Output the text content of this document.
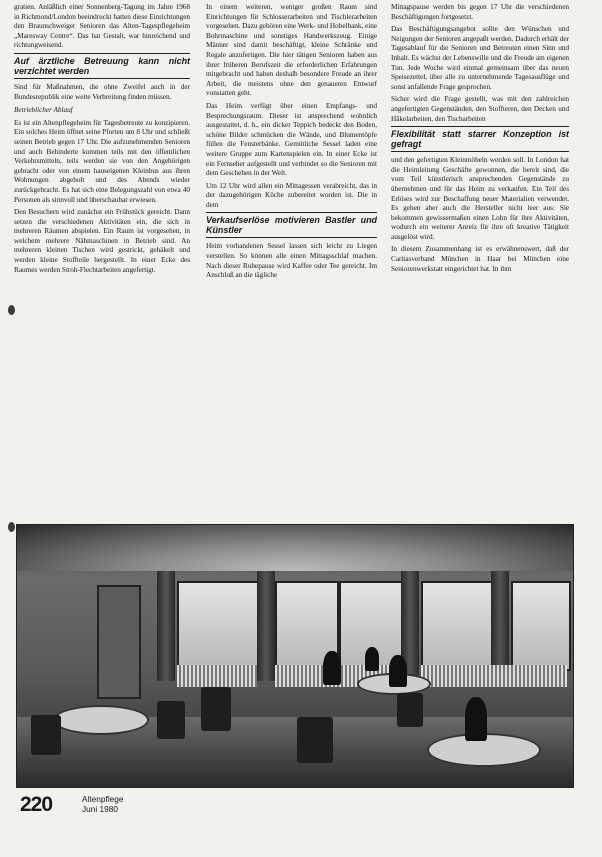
gratien. Anläßlich einer Sonnenberg-Tagung im Jahre 1968 in Richmond/London beeindruckt hatten diese Einrichtungen den Braunschweiger Senioren das Alten-Tagespflegeheim „Maresway Centre“. Das hat Gestalt, war hinreichend und richtungweisend.

Auf ärztliche Betreuung kann nicht verzichtet werden

Sind für Maßnahmen, die ohne Zweifel auch in der Bundesrepublik eine weite Verbreitung finden müssen.

Betrieblicher Ablauf

Es ist ein Altenpflegeheim für Tagesbetreute zu konzipieren. Ein solches Heim öffnet seine Pforten um 8 Uhr und schließt seinen Betrieb gegen 17 Uhr. Die aufzunehmenden Senioren und auch Behinderte kommen teils mit den öffentlichen Verkehrsmitteln, teils werden sie von den Angehörigen gebracht oder von einem hauseigenen Kleinbus aus ihren Wohnungen abgeholt und des Abends wieder zurückgebracht. Es hat sich eine Belegungszahl von etwa 40 Personen als sinnvoll und überschaubar erwiesen.

Den Besuchern wird zunächst ein Frühstück gereicht. Dann setzen die verschiedenen Aktivitäten ein, die sich in mehreren Räumen abspielen. Ein Raum ist vorgesehen, in welchem mehrere Nähmaschinen in Betrieb sind. An mehreren kleinen Tischen wird gestrickt, gehäkelt und werden kleine Stoffteile hergestellt. In einer Ecke des Raumes werden Stroh-Flechtarbeiten angefertigt.

In einem weiteren, weniger großen Raum sind Einrichtungen für Schlosserarbeiten und Tischlerarbeiten vorgesehen. Dazu gehören eine Werk- und Hobelbank, eine Bohrmaschine und sonstiges Handwerkszeug. Einige Männer sind damit beschäftigt, kleine Schränke und Regale anzufertigen. Die hier tätigen Senioren haben aus ihrer früheren Berufszeit die erforderlichen Erfahrungen mitgebracht und haben deshalb besondere Freude an ihrer Arbeit, die meistens ohne den genaueren Entwurf vonstatten geht.

Das Heim verfügt über einen Empfangs- und Besprechungsraum. Dieser ist ansprechend wohnlich ausgestattet, d. h., ein dicker Teppich bedeckt den Boden, schöne Bilder schmücken die Wände, und Blumentöpfe füllen die Fensterbänke. Gemütliche Sessel laden eine weitere Gruppe zum Kartenspielen ein. In einer Ecke ist ein Fernseher aufgestellt und verbindet so die Senioren mit dem Geschehen in der Welt.

Um 12 Uhr wird allen ein Mittagessen verabreicht, das in der dazugehörigen Küche zubereitet worden ist. Die in dem

Verkaufserlöse motivieren Bastler und Künstler

Heim vorhandenen Sessel lassen sich leicht zu Liegen verstellen. So können alle einen Mittagsschlaf machen. Nach dieser Ruhepause wird Kaffee oder Tee gereicht. Im Anschluß an die tägliche

Mittagspause werden bis gegen 17 Uhr die verschiedenen Beschäftigungen fortgesetzt.

Das Beschäftigungsangebot sollte den Wünschen und Neigungen der Senioren angepaßt werden. Dadurch erhält der Tagesablauf für die Senioren und Betreuten einen Sinn und Inhalt. Es wächst der Lebenswille und die Freude am eigenen Tun. Jede Woche wird einmal gemeinsam über das neuen Speisezettel, über alle zu unternehmende Tagesausflüge und sonst anfallende Frage gesprochen.

Sicher wird die Frage gestellt, was mit den zahlreichen angefertigten Gegenständen, den Stoffteren, den Decken und Häkelarbeiten, den Tischarbeiten

Flexibilität statt starrer Konzeption ist gefragt

und den gefertigten Kleinmöbeln werden soll. In London hat die Heimleitung Geschäfte gewonnen, die bereit sind, die vom Teil künstlerisch ansprechenden Gegenstände zu übernehmen und für das Heim zu verkaufen. Ein Teil des Erlöses wird zur Beschaffung neuer Materialien verwendet. Es gehen aber auch die Hersteller nicht leer aus: Sie bekommen gewissermaßen einen Lohn für ihre Aktivitäten, wodurch ein weiterer Anreiz für ihre oft kreative Tätigkeit ausgelöst wird.

In diesem Zusammenhang ist es erwähnenswert, daß der Caritasverband München in Haar bei München eine Seniorenwerkstatt eingerichtet hat. In ihm

220	Altenpflege
Juni 1980
